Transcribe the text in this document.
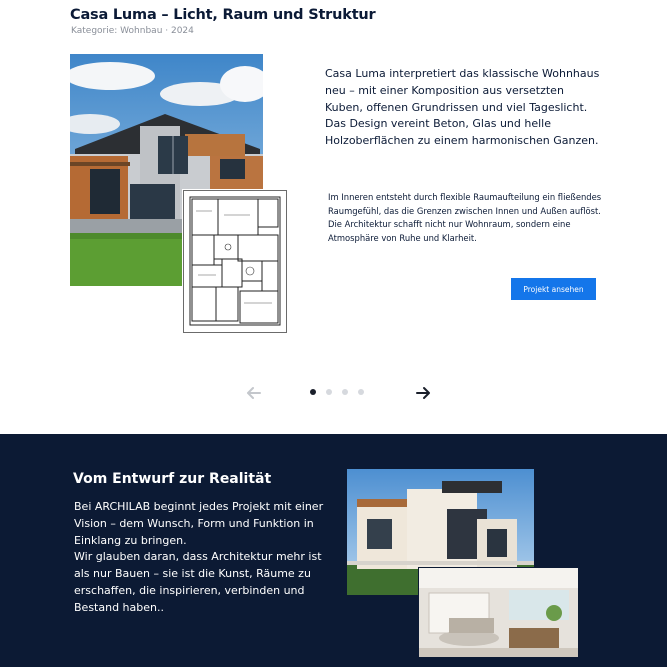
Casa Luma – Licht, Raum und Struktur
Kategorie: Wohnbau · 2024

Casa Luma interpretiert das klassische Wohnhaus neu – mit einer Komposition aus versetzten Kuben, offenen Grundrissen und viel Tageslicht.
Das Design vereint Beton, Glas und helle Holzoberflächen zu einem harmonischen Ganzen.

Im Inneren entsteht durch flexible Raumaufteilung ein fließendes Raumgefühl, das die Grenzen zwischen Innen und Außen auflöst.
Die Architektur schafft nicht nur Wohnraum, sondern eine Atmosphäre von Ruhe und Klarheit.

Projekt ansehen
Vom Entwurf zur Realität

Bei ARCHILAB beginnt jedes Projekt mit einer Vision – dem Wunsch, Form und Funktion in Einklang zu bringen.
Wir glauben daran, dass Architektur mehr ist als nur Bauen – sie ist die Kunst, Räume zu erschaffen, die inspirieren, verbinden und Bestand haben..
